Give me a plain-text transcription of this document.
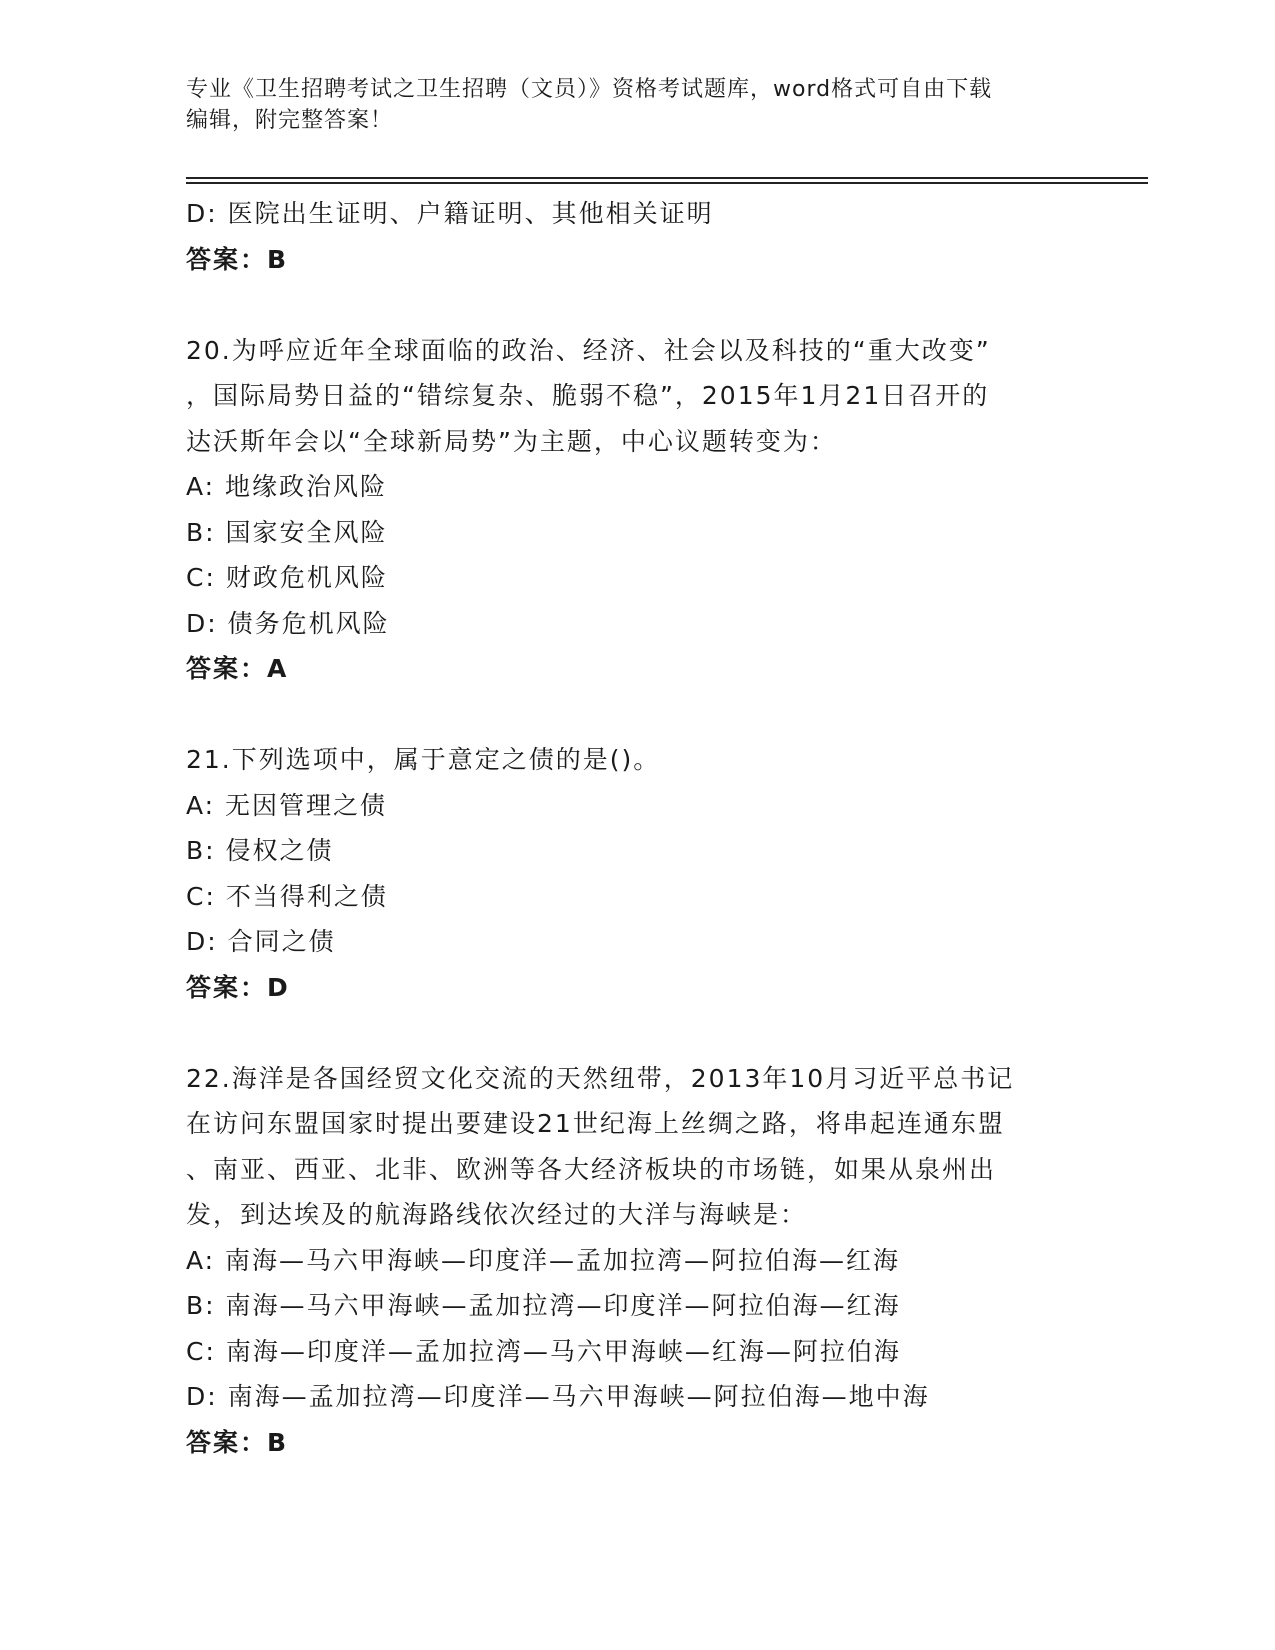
专业《卫生招聘考试之卫生招聘（文员）》资格考试题库，word格式可自由下载
编辑，附完整答案！
D: 医院出生证明、户籍证明、其他相关证明
答案：B
20.为呼应近年全球面临的政治、经济、社会以及科技的“重大改变”
，国际局势日益的“错综复杂、脆弱不稳”，2015年1月21日召开的
达沃斯年会以“全球新局势”为主题，中心议题转变为：
A: 地缘政治风险
B: 国家安全风险
C: 财政危机风险
D: 债务危机风险
答案：A
21.下列选项中，属于意定之债的是()。
A: 无因管理之债
B: 侵权之债
C: 不当得利之债
D: 合同之债
答案：D
22.海洋是各国经贸文化交流的天然纽带，2013年10月习近平总书记
在访问东盟国家时提出要建设21世纪海上丝绸之路，将串起连通东盟
、南亚、西亚、北非、欧洲等各大经济板块的市场链，如果从泉州出
发，到达埃及的航海路线依次经过的大洋与海峡是：
A: 南海—马六甲海峡—印度洋—孟加拉湾—阿拉伯海—红海
B: 南海—马六甲海峡—孟加拉湾—印度洋—阿拉伯海—红海
C: 南海—印度洋—孟加拉湾—马六甲海峡—红海—阿拉伯海
D: 南海—孟加拉湾—印度洋—马六甲海峡—阿拉伯海—地中海
答案：B
